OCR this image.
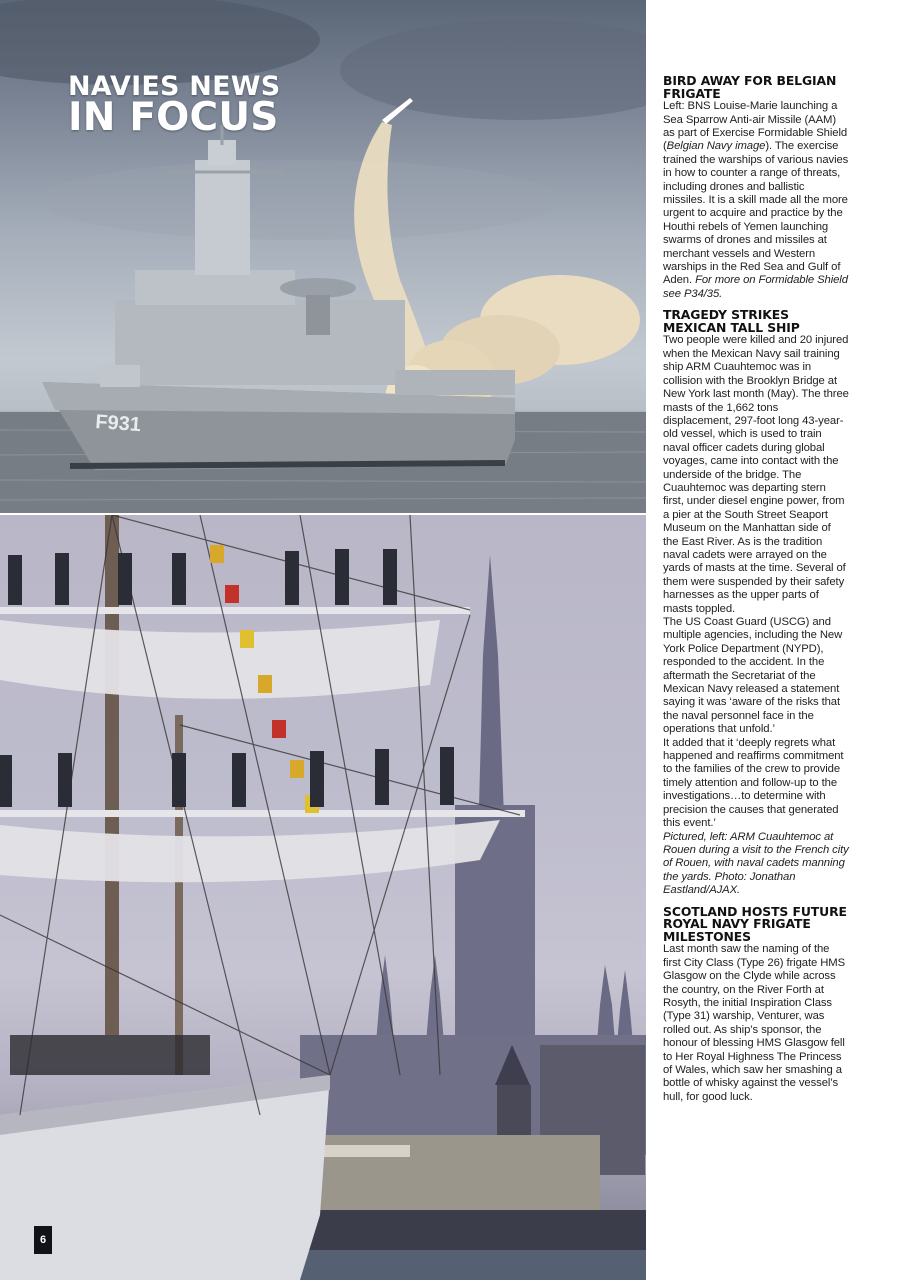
F931
NAVIES NEWS
IN FOCUS
6
BIRD AWAY FOR BELGIAN FRIGATE
Left: BNS Louise-Marie launching a Sea Sparrow Anti-air Missile (AAM) as part of Exercise Formidable Shield (Belgian Navy image). The exercise trained the warships of various navies in how to counter a range of threats, including drones and ballistic missiles. It is a skill made all the more urgent to acquire and practice by the Houthi rebels of Yemen launching swarms of drones and missiles at merchant vessels and Western warships in the Red Sea and Gulf of Aden. For more on Formidable Shield see P34/35.
TRAGEDY STRIKES MEXICAN TALL SHIP
Two people were killed and 20 injured when the Mexican Navy sail training ship ARM Cuauhtemoc was in collision with the Brooklyn Bridge at New York last month (May). The three masts of the 1,662 tons displacement, 297-foot long 43-year-old vessel, which is used to train naval officer cadets during global voyages, came into contact with the underside of the bridge. The Cuauhtemoc was departing stern first, under diesel engine power, from a pier at the South Street Seaport Museum on the Manhattan side of the East River. As is the tradition naval cadets were arrayed on the yards of masts at the time. Several of them were suspended by their safety harnesses as the upper parts of masts toppled.
The US Coast Guard (USCG) and multiple agencies, including the New York Police Department (NYPD), responded to the accident. In the aftermath the Secretariat of the Mexican Navy released a statement saying it was ‘aware of the risks that the naval personnel face in the operations that unfold.’
It added that it ‘deeply regrets what happened and reaffirms commitment to the families of the crew to provide timely attention and follow-up to the investigations…to determine with precision the causes that generated this event.’
Pictured, left: ARM Cuauhtemoc at Rouen during a visit to the French city of Rouen, with naval cadets manning the yards. Photo: Jonathan Eastland/AJAX.
SCOTLAND HOSTS FUTURE ROYAL NAVY FRIGATE MILESTONES
Last month saw the naming of the first City Class (Type 26) frigate HMS Glasgow on the Clyde while across the country, on the River Forth at Rosyth, the initial Inspiration Class (Type 31) warship, Venturer, was rolled out. As ship’s sponsor, the honour of blessing HMS Glasgow fell to Her Royal Highness The Princess of Wales, which saw her smashing a bottle of whisky against the vessel’s hull, for good luck.
